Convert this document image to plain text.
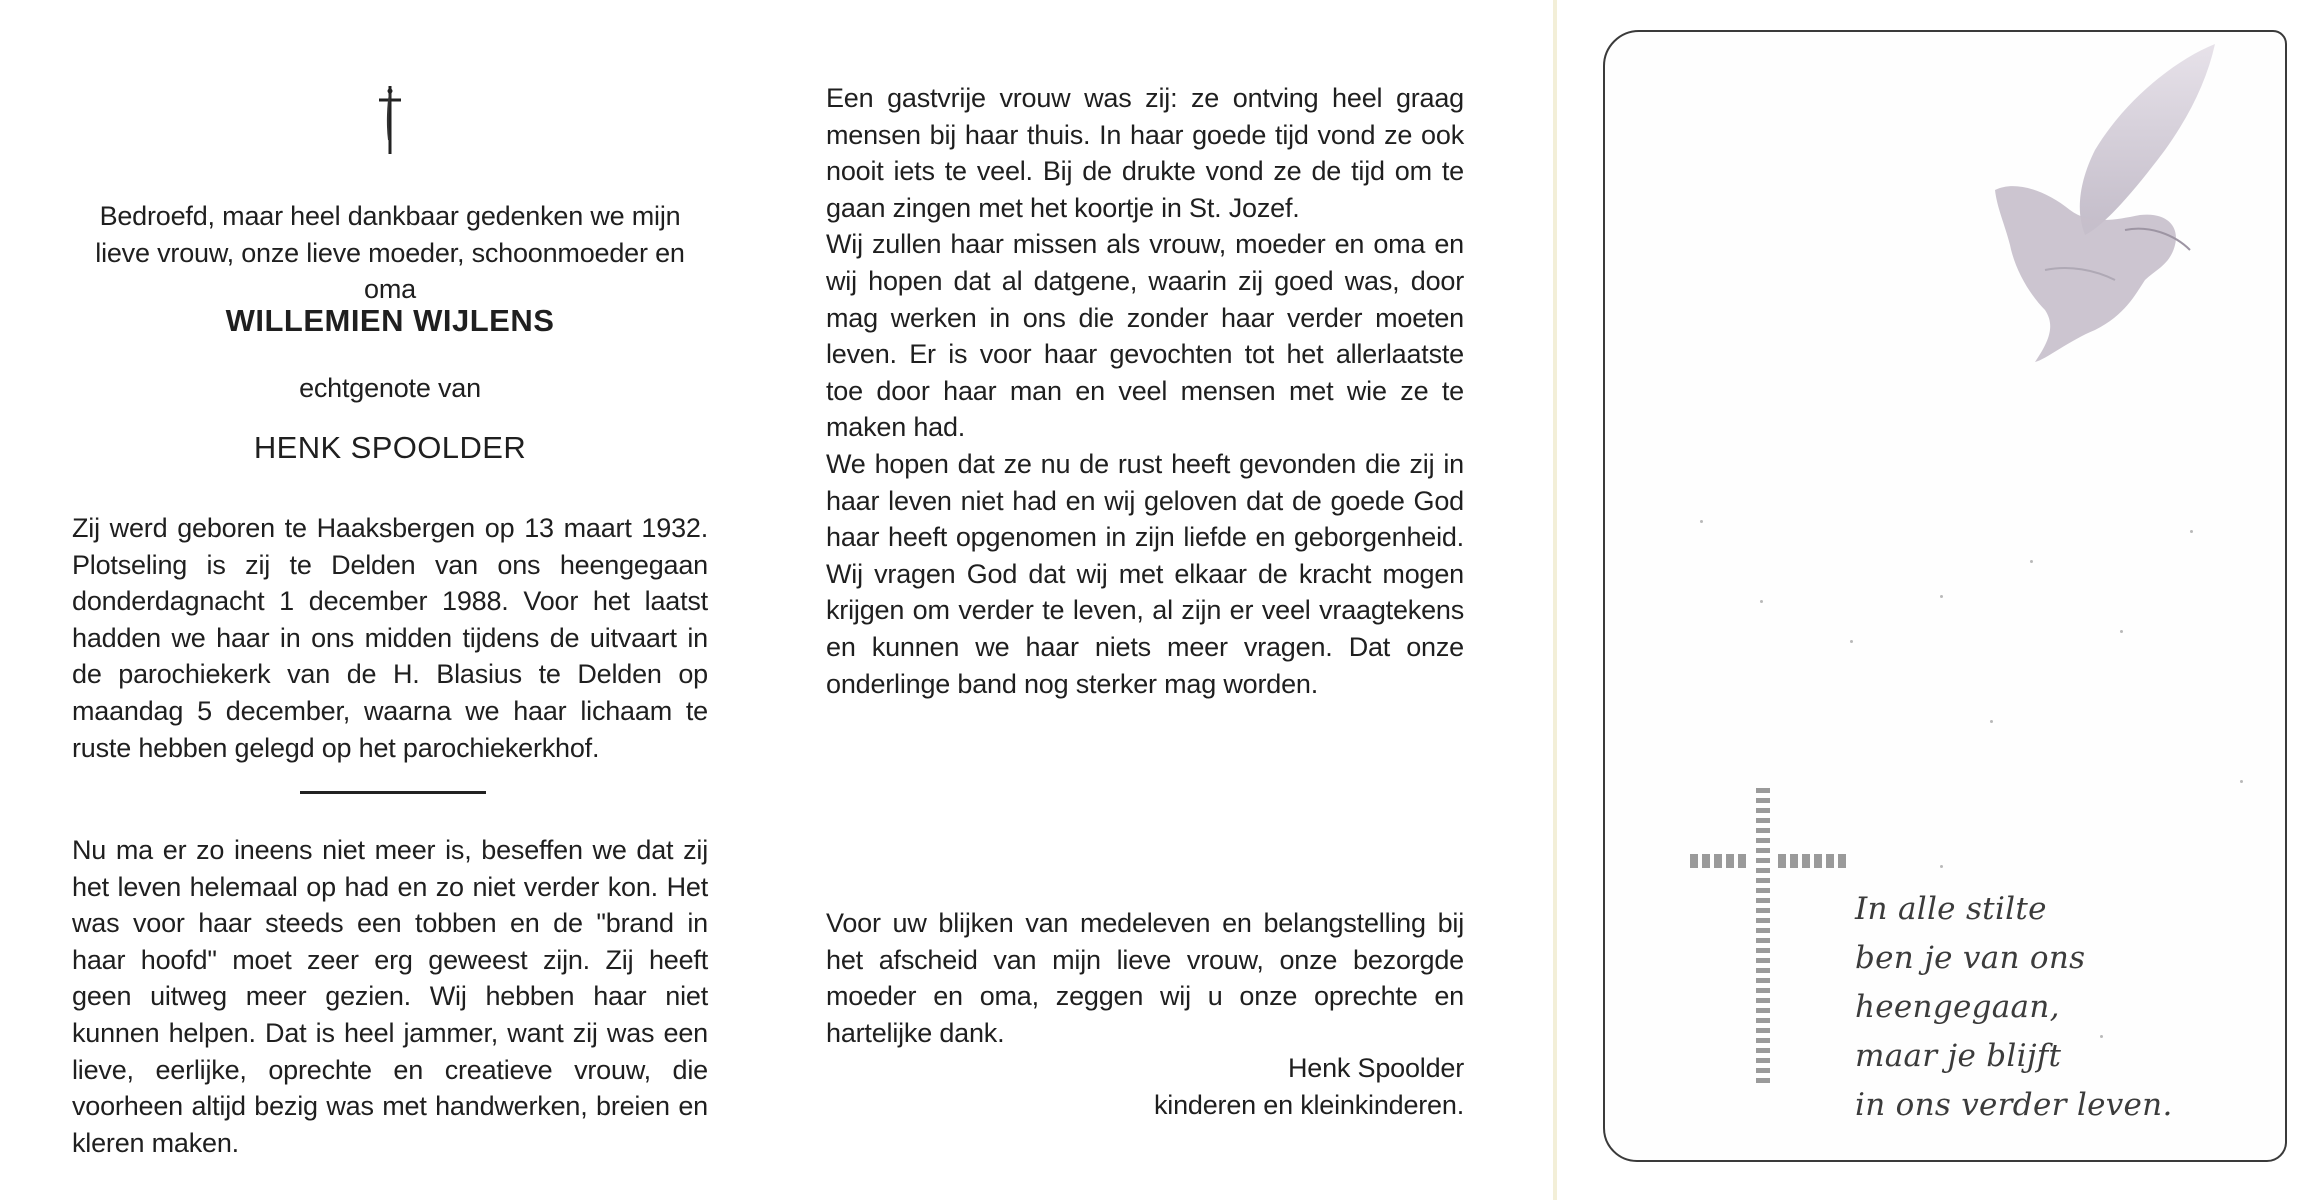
Bedroefd, maar heel dankbaar gedenken we mijn lieve vrouw, onze lieve moeder, schoonmoeder en oma
WILLEMIEN WIJLENS
echtgenote van
HENK SPOOLDER
Zij werd geboren te Haaksbergen op 13 maart 1932. Plotseling is zij te Delden van ons heengegaan donderdagnacht 1 december 1988. Voor het laatst hadden we haar in ons midden tijdens de uitvaart in de parochiekerk van de H. Blasius te Delden op maandag 5 december, waarna we haar lichaam te ruste hebben gelegd op het parochiekerkhof.
Nu ma er zo ineens niet meer is, beseffen we dat zij het leven helemaal op had en zo niet verder kon. Het was voor haar steeds een tobben en de "brand in haar hoofd" moet zeer erg geweest zijn. Zij heeft geen uitweg meer gezien. Wij hebben haar niet kunnen helpen. Dat is heel jammer, want zij was een lieve, eerlijke, oprechte en creatieve vrouw, die voorheen altijd bezig was met handwerken, breien en kleren maken.

Een gastvrije vrouw was zij: ze ontving heel graag mensen bij haar thuis. In haar goede tijd vond ze ook nooit iets te veel. Bij de drukte vond ze de tijd om te gaan zingen met het koortje in St. Jozef.

Wij zullen haar missen als vrouw, moeder en oma en wij hopen dat al datgene, waarin zij goed was, door mag werken in ons die zonder haar verder moeten leven. Er is voor haar gevochten tot het allerlaatste toe door haar man en veel mensen met wie ze te maken had.

We hopen dat ze nu de rust heeft gevonden die zij in haar leven niet had en wij geloven dat de goede God haar heeft opgenomen in zijn liefde en geborgenheid. Wij vragen God dat wij met elkaar de kracht mogen krijgen om verder te leven, al zijn er veel vraagtekens en kunnen we haar niets meer vragen. Dat onze onderlinge band nog sterker mag worden.

Voor uw blijken van medeleven en belangstelling bij het afscheid van mijn lieve vrouw, onze bezorgde moeder en oma, zeggen wij u onze oprechte en hartelijke dank.

Henk Spoolder

kinderen en kleinkinderen.

In alle stilte

ben je van ons heengegaan,

maar je blijft

in ons verder leven.
